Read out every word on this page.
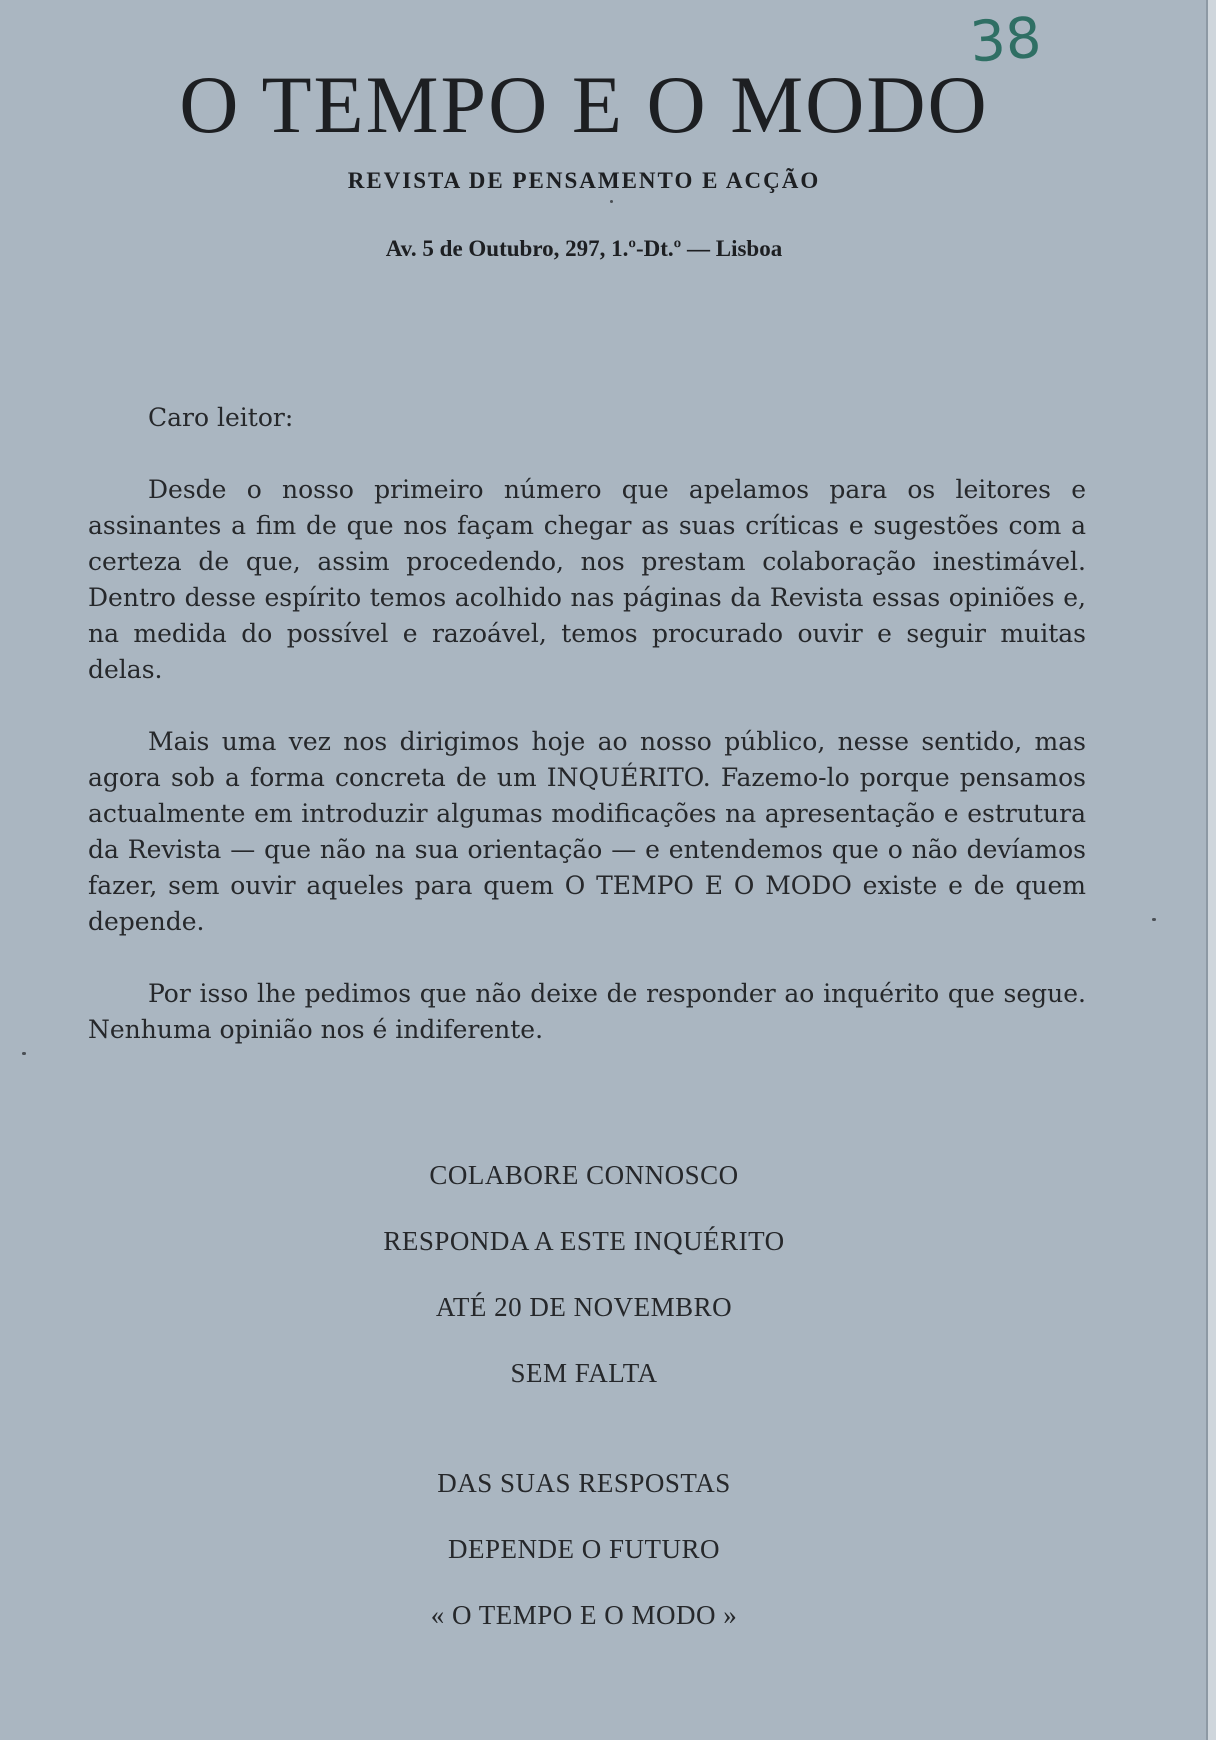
38
O TEMPO E O MODO
REVISTA DE PENSAMENTO E ACÇÃO
Av. 5 de Outubro, 297, 1.º-Dt.º — Lisboa

Caro leitor:

Desde o nosso primeiro número que apelamos para os leitores e assinantes a fim de que nos façam chegar as suas críticas e sugestões com a certeza de que, assim procedendo, nos prestam colaboração inestimável. Dentro desse espírito temos acolhido nas páginas da Revista essas opiniões e, na medida do possível e razoável, temos procurado ouvir e seguir muitas delas.

Mais uma vez nos dirigimos hoje ao nosso público, nesse sentido, mas agora sob a forma concreta de um INQUÉRITO. Fazemo-lo porque pensamos actualmente em introduzir algumas modificações na apresentação e estrutura da Revista — que não na sua orientação — e entendemos que o não devíamos fazer, sem ouvir aqueles para quem O TEMPO E O MODO existe e de quem depende.

Por isso lhe pedimos que não deixe de responder ao inquérito que segue. Nenhuma opinião nos é indiferente.

COLABORE CONNOSCO
RESPONDA A ESTE INQUÉRITO
ATÉ 20 DE NOVEMBRO
SEM FALTA
DAS SUAS RESPOSTAS
DEPENDE O FUTURO
« O TEMPO E O MODO »
